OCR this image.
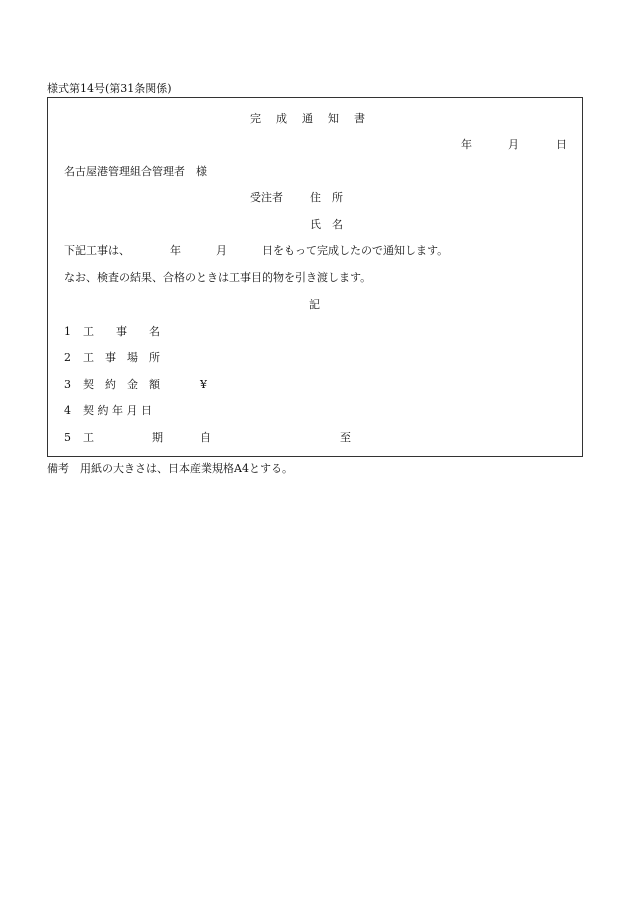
様式第14号(第31条関係)
完　成　通　知　書
年	月	日
名古屋港管理組合管理者　様
受注者 住　所
氏　名
下記工事は、	年	月	日をもって完成したので通知します。
なお、検査の結果、合格のときは工事目的物を引き渡します。
記
1 工　　事　　名
2 工　事　場　所
3 契　約　金　額	¥
4 契 約 年 月 日
5 工	期	自	至
備考　用紙の大きさは、日本産業規格A4とする。
